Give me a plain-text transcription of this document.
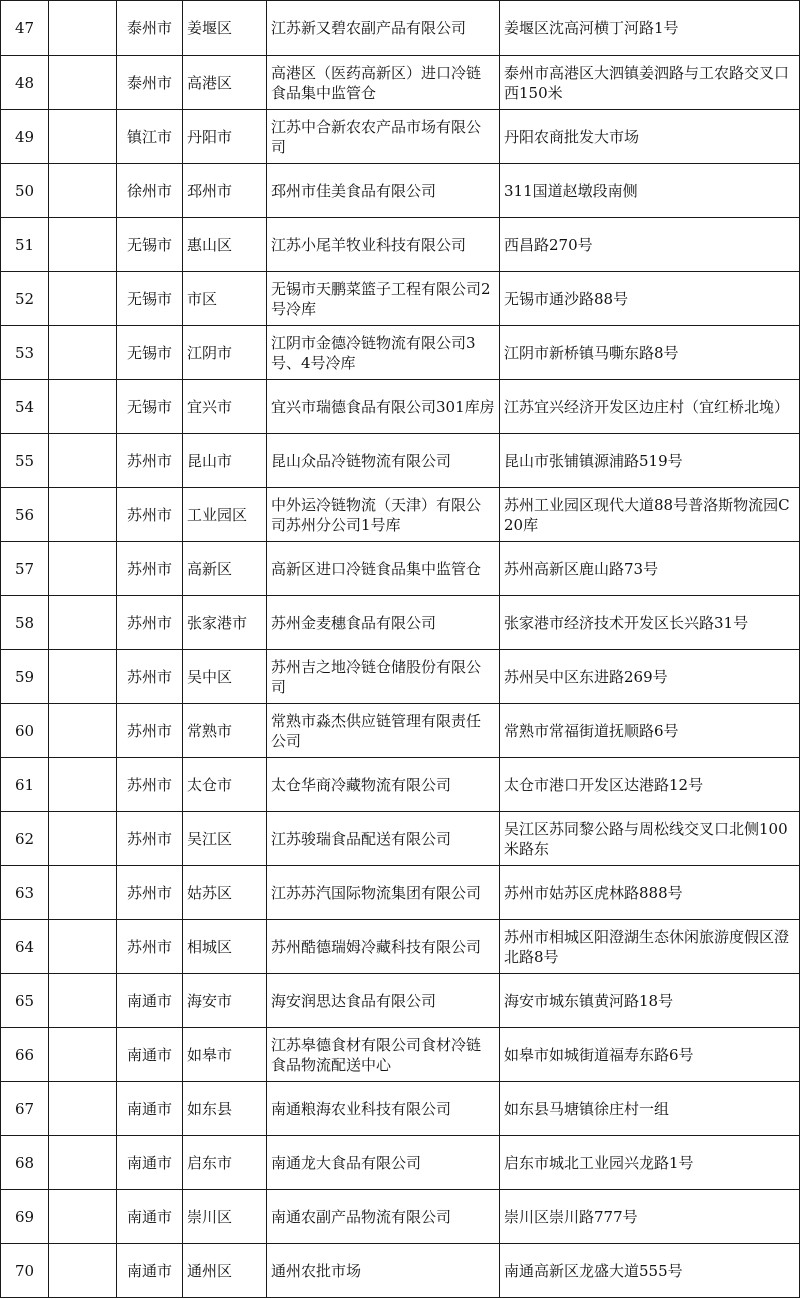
47		泰州市	姜堰区	江苏新又碧农副产品有限公司	姜堰区沈高河横丁河路1号
48		泰州市	高港区	高港区（医药高新区）进口冷链食品集中监管仓	泰州市高港区大泗镇姜泗路与工农路交叉口西150米
49		镇江市	丹阳市	江苏中合新农农产品市场有限公司	丹阳农商批发大市场
50		徐州市	邳州市	邳州市佳美食品有限公司	311国道赵墩段南侧
51		无锡市	惠山区	江苏小尾羊牧业科技有限公司	西昌路270号
52		无锡市	市区	无锡市天鹏菜篮子工程有限公司2号冷库	无锡市通沙路88号
53		无锡市	江阴市	江阴市金德冷链物流有限公司3号、4号冷库	江阴市新桥镇马嘶东路8号
54		无锡市	宜兴市	宜兴市瑞德食品有限公司301库房	江苏宜兴经济开发区边庄村（宜红桥北堍）
55		苏州市	昆山市	昆山众品冷链物流有限公司	昆山市张铺镇源浦路519号
56		苏州市	工业园区	中外运冷链物流（天津）有限公司苏州分公司1号库	苏州工业园区现代大道88号普洛斯物流园C20库
57		苏州市	高新区	高新区进口冷链食品集中监管仓	苏州高新区鹿山路73号
58		苏州市	张家港市	苏州金麦穗食品有限公司	张家港市经济技术开发区长兴路31号
59		苏州市	吴中区	苏州吉之地冷链仓储股份有限公司	苏州吴中区东进路269号
60		苏州市	常熟市	常熟市淼杰供应链管理有限责任公司	常熟市常福街道抚顺路6号
61		苏州市	太仓市	太仓华商冷藏物流有限公司	太仓市港口开发区达港路12号
62		苏州市	吴江区	江苏骏瑞食品配送有限公司	吴江区苏同黎公路与周松线交叉口北侧100米路东
63		苏州市	姑苏区	江苏苏汽国际物流集团有限公司	苏州市姑苏区虎林路888号
64		苏州市	相城区	苏州酷德瑞姆冷藏科技有限公司	苏州市相城区阳澄湖生态休闲旅游度假区澄北路8号
65		南通市	海安市	海安润思达食品有限公司	海安市城东镇黄河路18号
66		南通市	如皋市	江苏皋德食材有限公司食材冷链食品物流配送中心	如皋市如城街道福寿东路6号
67		南通市	如东县	南通粮海农业科技有限公司	如东县马塘镇徐庄村一组
68		南通市	启东市	南通龙大食品有限公司	启东市城北工业园兴龙路1号
69		南通市	崇川区	南通农副产品物流有限公司	崇川区崇川路777号
70		南通市	通州区	通州农批市场	南通高新区龙盛大道555号
